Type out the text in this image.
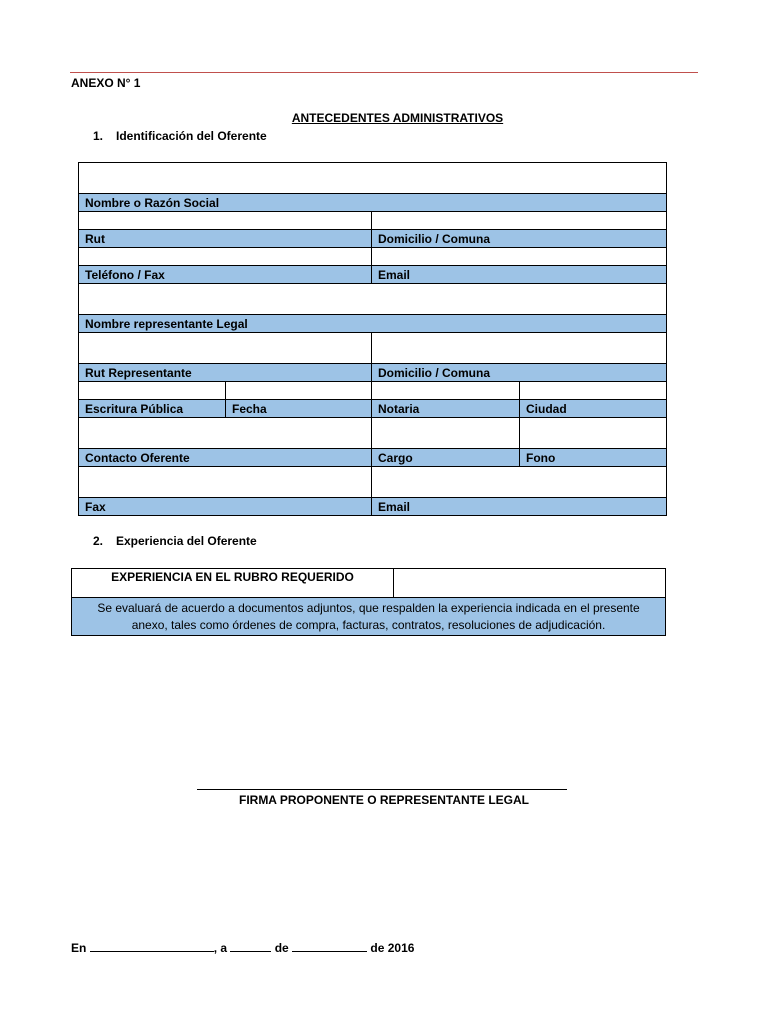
ANEXO N° 1
ANTECEDENTES ADMINISTRATIVOS
1. Identificación del Oferente

Nombre o Razón Social			

Rut		Domicilio / Comuna	

Teléfono / Fax		Email	

Nombre representante Legal			

Rut Representante		Domicilio / Comuna	

Escritura Pública	Fecha	Notaria	Ciudad

Contacto Oferente		Cargo	Fono

Fax		Email	
2. Experiencia del Oferente
EXPERIENCIA EN EL RUBRO REQUERIDO	
Se evaluará de acuerdo a documentos adjuntos, que respalden la experiencia indicada en el presente anexo, tales como órdenes de compra, facturas, contratos, resoluciones de adjudicación.
FIRMA PROPONENTE O REPRESENTANTE LEGAL
En	, a	de	de 2016
